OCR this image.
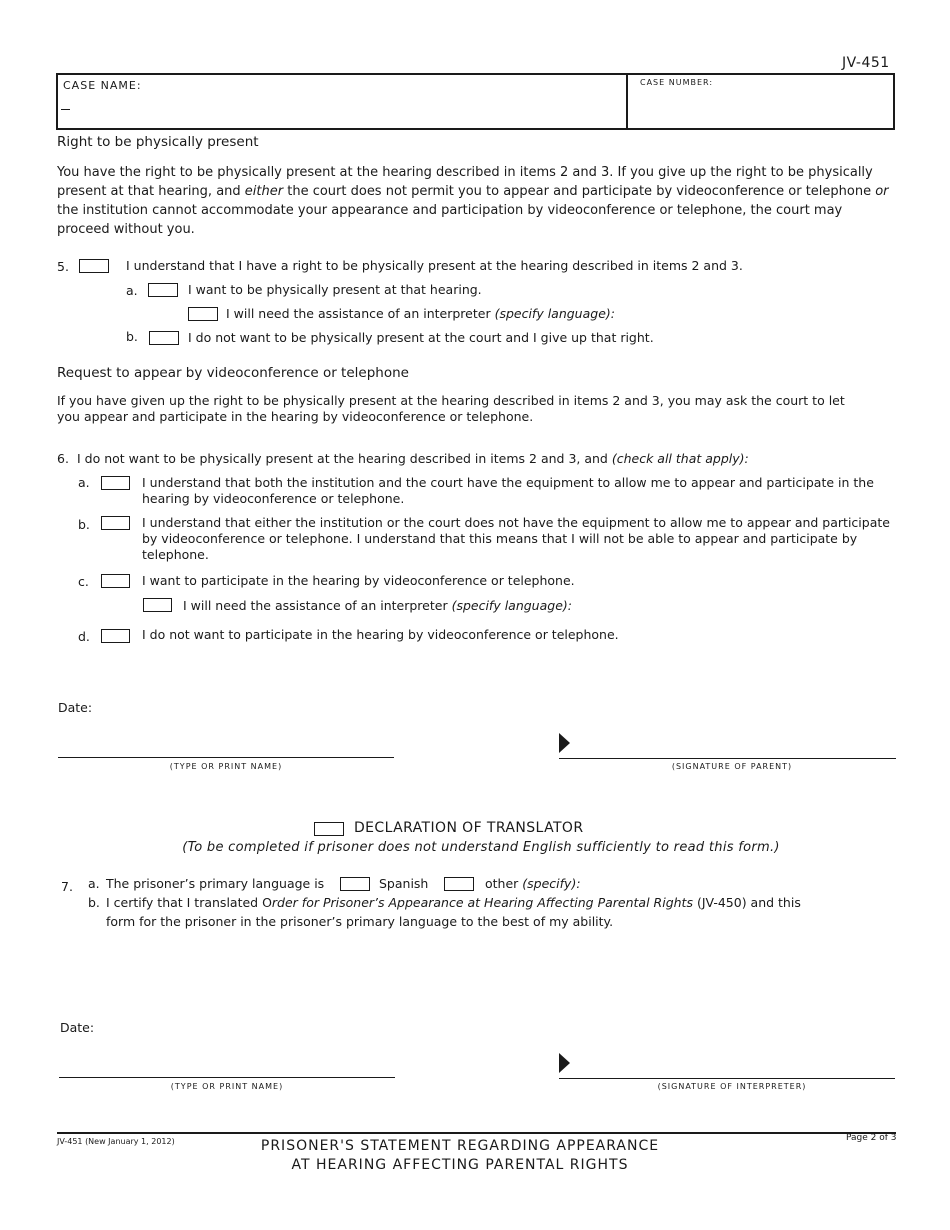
JV-451
CASE NAME:	CASE NUMBER:
Right to be physically present
You have the right to be physically present at the hearing described in items 2 and 3. If you give up the right to be physically present at that hearing, and either the court does not permit you to appear and participate by videoconference or telephone or the institution cannot accommodate your appearance and participation by videoconference or telephone, the court may proceed without you.
5.	I understand that I have a right to be physically present at the hearing described in items 2 and 3.
a.	I want to be physically present at that hearing.
I will need the assistance of an interpreter (specify language):
b.	I do not want to be physically present at the court and I give up that right.
Request to appear by videoconference or telephone
If you have given up the right to be physically present at the hearing described in items 2 and 3, you may ask the court to let you appear and participate in the hearing by videoconference or telephone.
6. I do not want to be physically present at the hearing described in items 2 and 3, and (check all that apply):
a.	I understand that both the institution and the court have the equipment to allow me to appear and participate in the hearing by videoconference or telephone.
b.	I understand that either the institution or the court does not have the equipment to allow me to appear and participate by videoconference or telephone. I understand that this means that I will not be able to appear and participate by telephone.
c.	I want to participate in the hearing by videoconference or telephone.
I will need the assistance of an interpreter (specify language):
d.	I do not want to participate in the hearing by videoconference or telephone.
Date:
(TYPE OR PRINT NAME)	(SIGNATURE OF PARENT)
DECLARATION OF TRANSLATOR
(To be completed if prisoner does not understand English sufficiently to read this form.)
7. a. The prisoner’s primary language is	Spanish	other (specify):
b. I certify that I translated Order for Prisoner’s Appearance at Hearing Affecting Parental Rights (JV-450) and this
form for the prisoner in the prisoner’s primary language to the best of my ability.
Date:
(TYPE OR PRINT NAME)	(SIGNATURE OF INTERPRETER)
JV-451 (New January 1, 2012)	Page 2 of 3
PRISONER'S STATEMENT REGARDING APPEARANCE
AT HEARING AFFECTING PARENTAL RIGHTS
